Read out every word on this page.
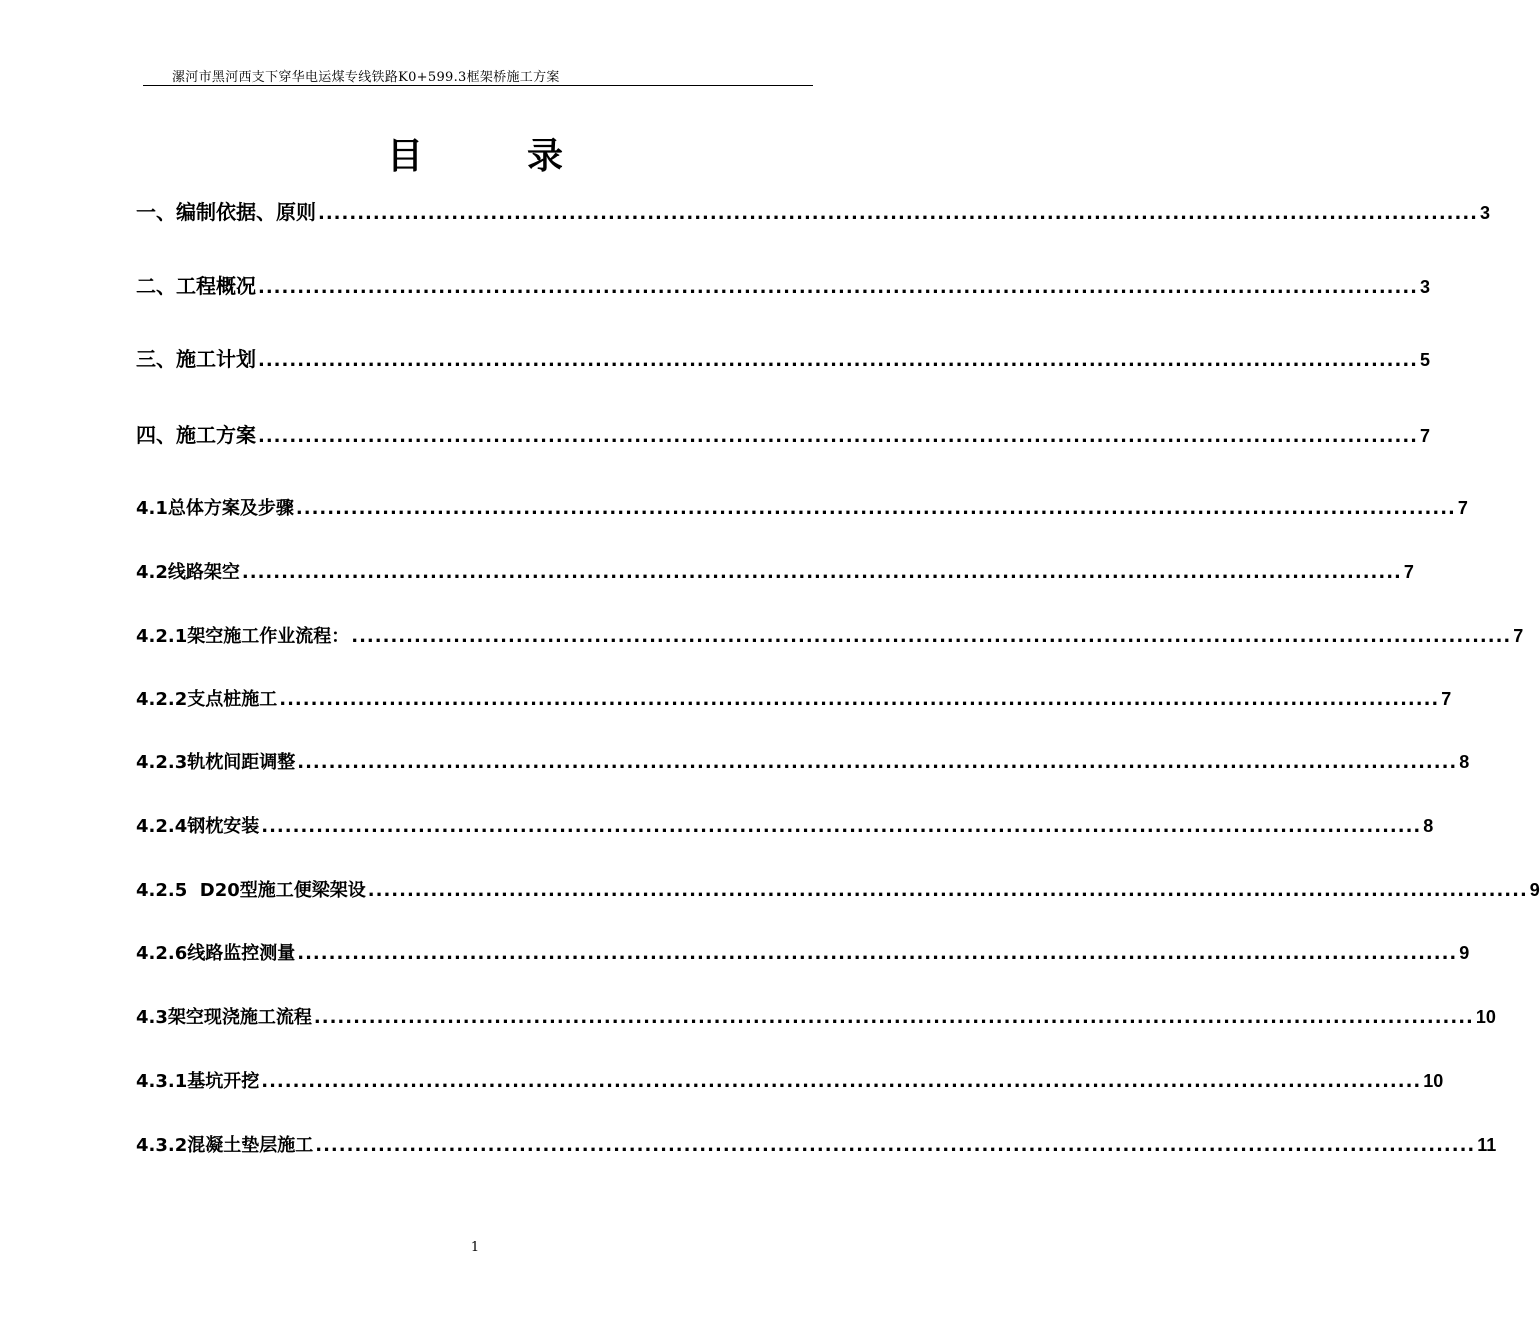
漯河市黑河西支下穿华电运煤专线铁路K0+599.3框架桥施工方案
目录
一、编制依据、原则 .................................................................................................................................................... 3
二、工程概况 .................................................................................................................................................... 3
三、施工计划 .................................................................................................................................................... 5
四、施工方案 .................................................................................................................................................... 7
4.1总体方案及步骤 .................................................................................................................................................... 7
4.2线路架空 .................................................................................................................................................... 7
4.2.1架空施工作业流程： .................................................................................................................................................... 7
4.2.2支点桩施工 .................................................................................................................................................... 7
4.2.3轨枕间距调整 .................................................................................................................................................... 8
4.2.4钢枕安装 .................................................................................................................................................... 8
4.2.5  D20型施工便梁架设 .................................................................................................................................................... 9
4.2.6线路监控测量 .................................................................................................................................................... 9
4.3架空现浇施工流程 .................................................................................................................................................... 10
4.3.1基坑开挖 .................................................................................................................................................... 10
4.3.2混凝土垫层施工 .................................................................................................................................................... 11
1
